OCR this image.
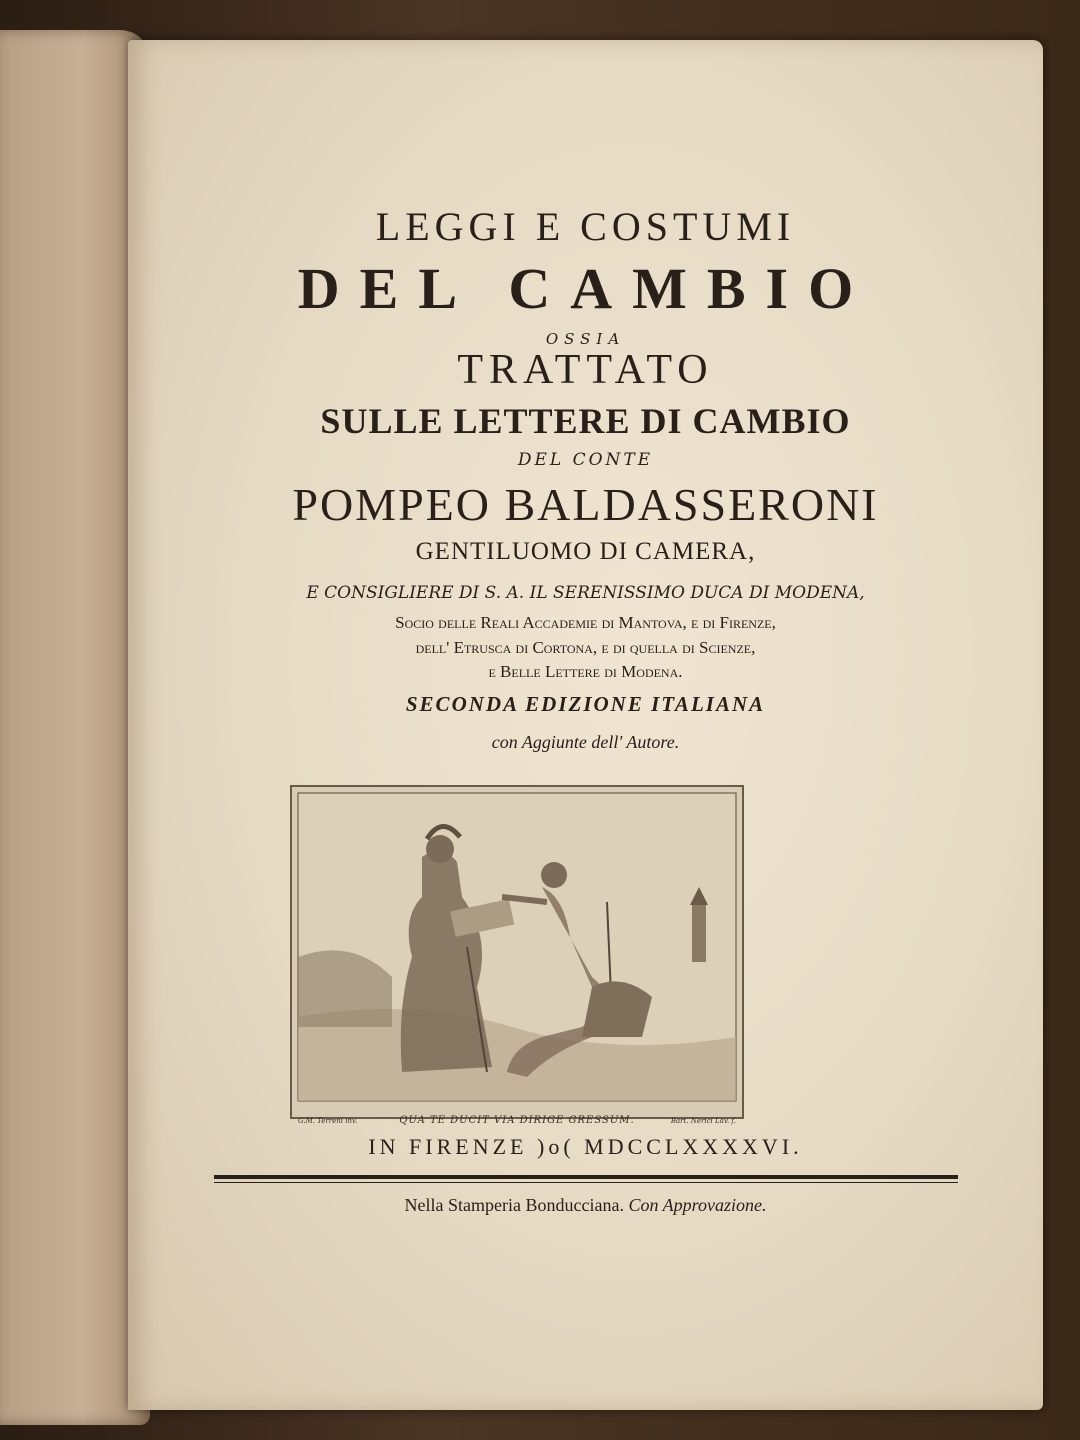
LEGGI E COSTUMI
DEL CAMBIO
OSSIA
TRATTATO
SULLE LETTERE DI CAMBIO
DEL CONTE
POMPEO BALDASSERONI
GENTILUOMO DI CAMERA,
E CONSIGLIERE DI S. A. IL SERENISSIMO DUCA DI MODENA,
Socio delle Reali Accademie di Mantova, e di Firenze,
dell' Etrusca di Cortona, e di quella di Scienze,
e Belle Lettere di Modena.
SECONDA EDIZIONE ITALIANA
con Aggiunte dell' Autore.
G.M. Terreni inv.	QUA TE DUCIT VIA DIRIGE GRESSUM.	Bart. Nerici Lav. f.
IN FIRENZE )o( MDCCLXXXXVI.
Nella Stamperia Bonducciana. Con Approvazione.
